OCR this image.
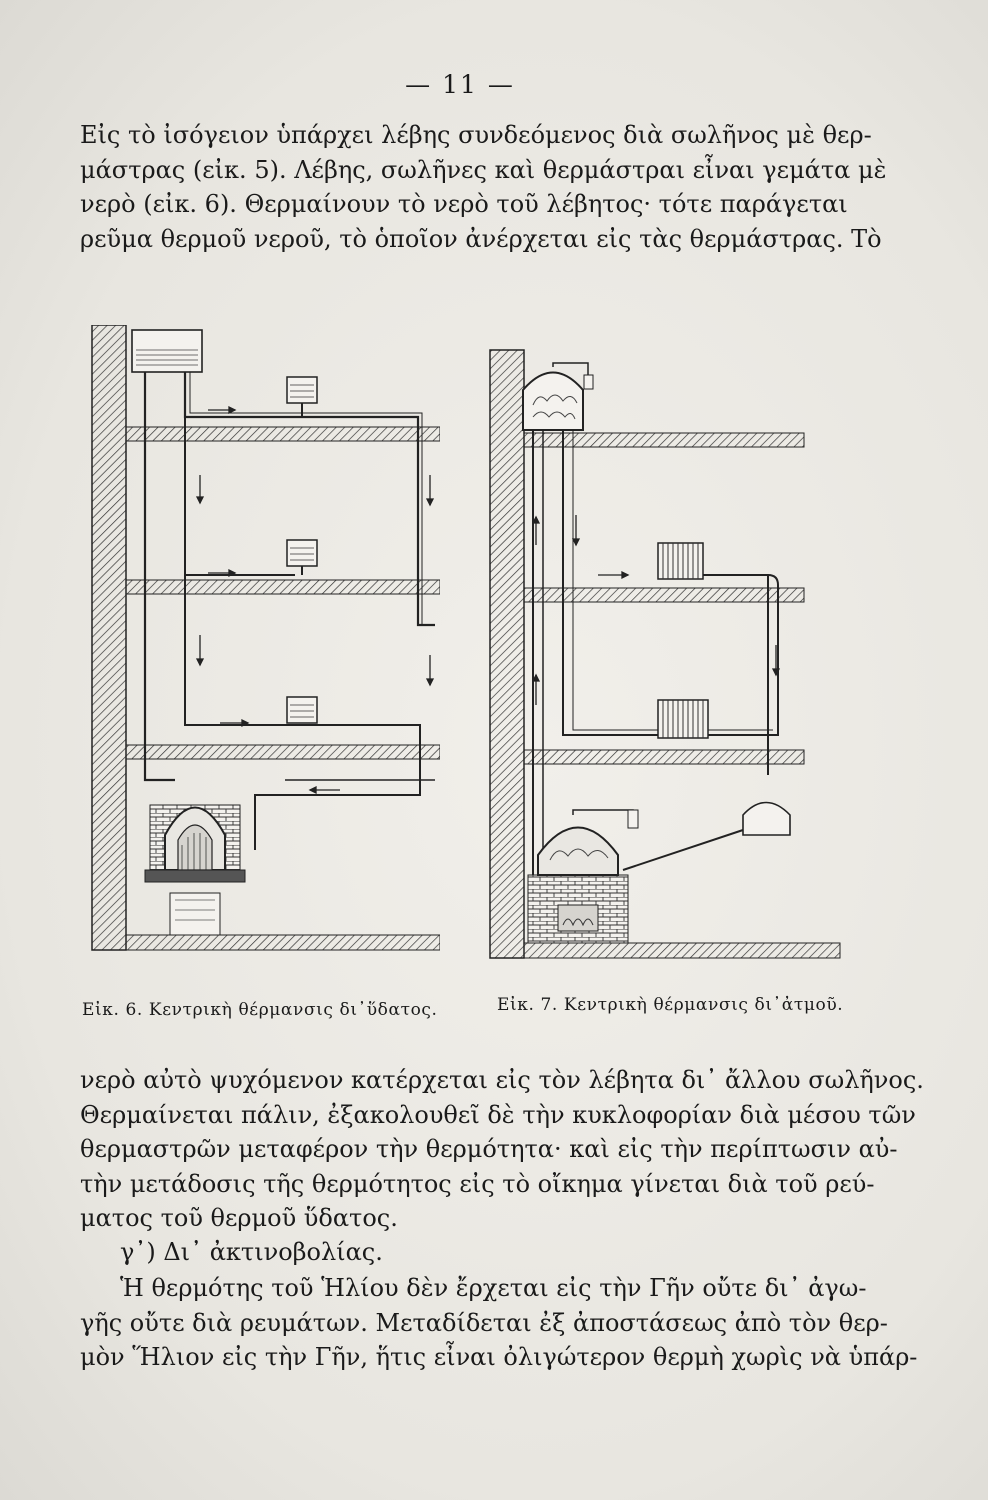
— 11 —
Εἰς τὸ ἰσόγειον ὑπάρχει λέβης συνδεόμενος διὰ σωλῆνος μὲ θερ-
μάστρας (εἰκ. 5). Λέβης, σωλῆνες καὶ θερμάστραι εἶναι γεμάτα μὲ
νερὸ (εἰκ. 6). Θερμαίνουν τὸ νερὸ τοῦ λέβητος· τότε παράγεται
ρεῦμα θερμοῦ νεροῦ, τὸ ὁποῖον ἀνέρχεται εἰς τὰς θερμάστρας. Τὸ
Εἰκ. 6. Κεντρικὴ θέρμανσις δι᾽ὕδατος.	Εἰκ. 7. Κεντρικὴ θέρμανσις δι᾽ἀτμοῦ.
νερὸ αὐτὸ ψυχόμενον κατέρχεται εἰς τὸν λέβητα δι᾽ ἄλλου σωλῆνος.
Θερμαίνεται πάλιν, ἐξακολουθεῖ δὲ τὴν κυκλοφορίαν διὰ μέσου τῶν
θερμαστρῶν μεταφέρον τὴν θερμότητα· καὶ εἰς τὴν περίπτωσιν αὐ-
τὴν μετάδοσις τῆς θερμότητος εἰς τὸ οἴκημα γίνεται διὰ τοῦ ρεύ-
ματος τοῦ θερμοῦ ὕδατος.
γ᾽) Δι᾽ ἀκτινοβολίας.
Ἡ θερμότης τοῦ Ἡλίου δὲν ἔρχεται εἰς τὴν Γῆν οὔτε δι᾽ ἀγω-
γῆς οὔτε διὰ ρευμάτων. Μεταδίδεται ἐξ ἀποστάσεως ἀπὸ τὸν θερ-
μὸν Ἥλιον εἰς τὴν Γῆν, ἥτις εἶναι ὀλιγώτερον θερμὴ χωρὶς νὰ ὑπάρ-
